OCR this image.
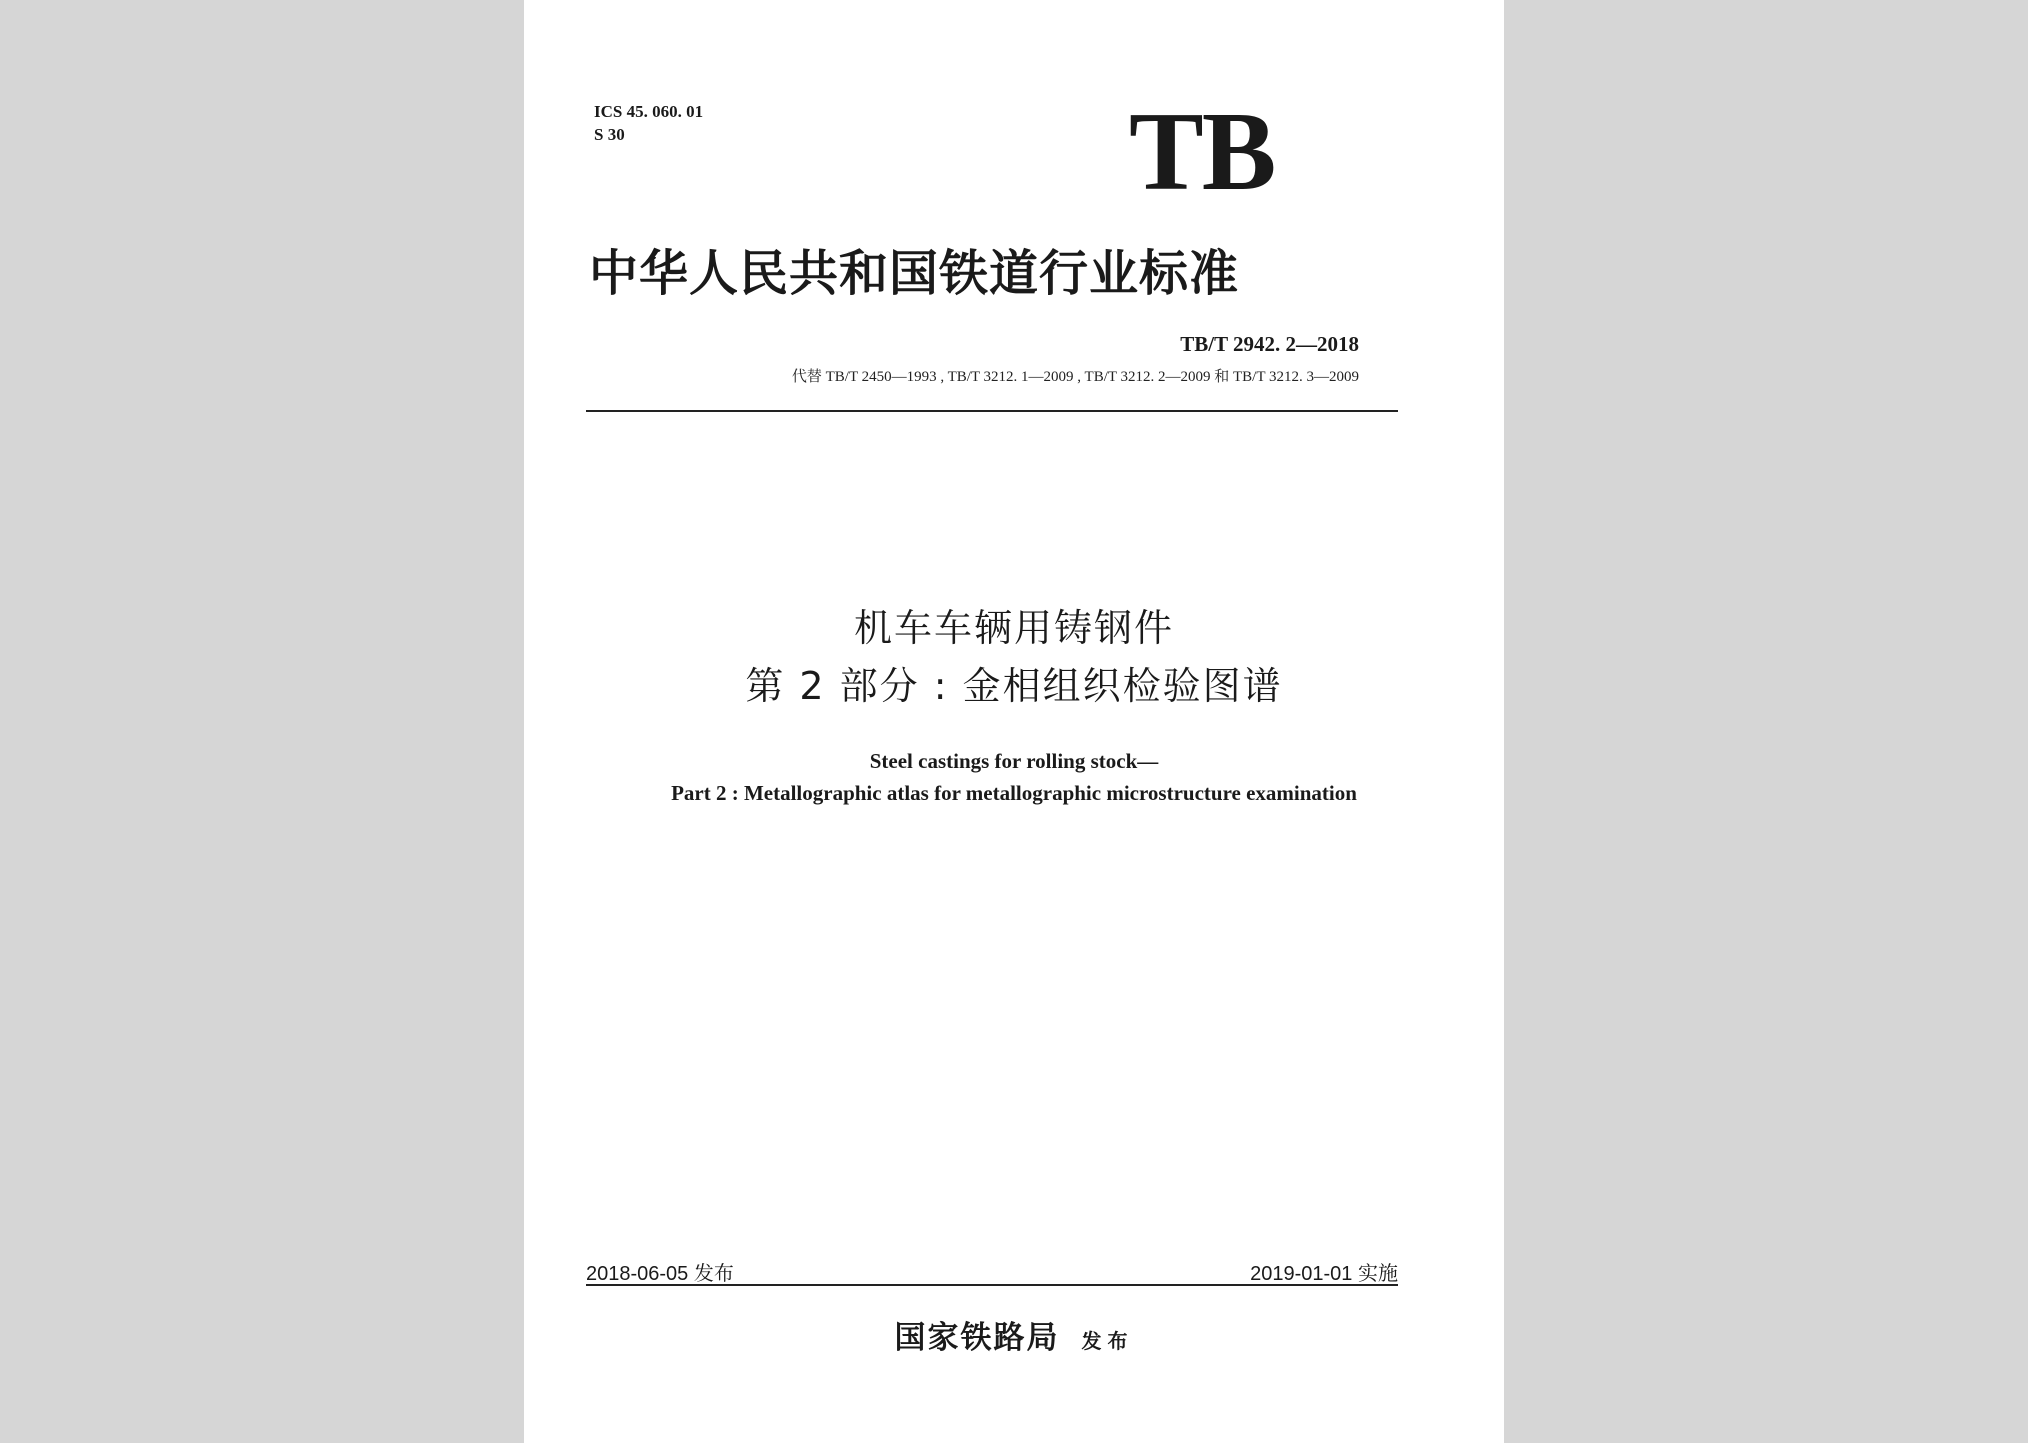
ICS 45. 060. 01
S 30	TB
中华人民共和国铁道行业标准
TB/T 2942. 2—2018
代替 TB/T 2450—1993 , TB/T 3212. 1—2009 , TB/T 3212. 2—2009 和 TB/T 3212. 3—2009
机车车辆用铸钢件
第 2 部分 : 金相组织检验图谱
Steel castings for rolling stock—
Part 2 : Metallographic atlas for metallographic microstructure examination
2018-06-05 发布	2019-01-01 实施
国家铁路局 发布
